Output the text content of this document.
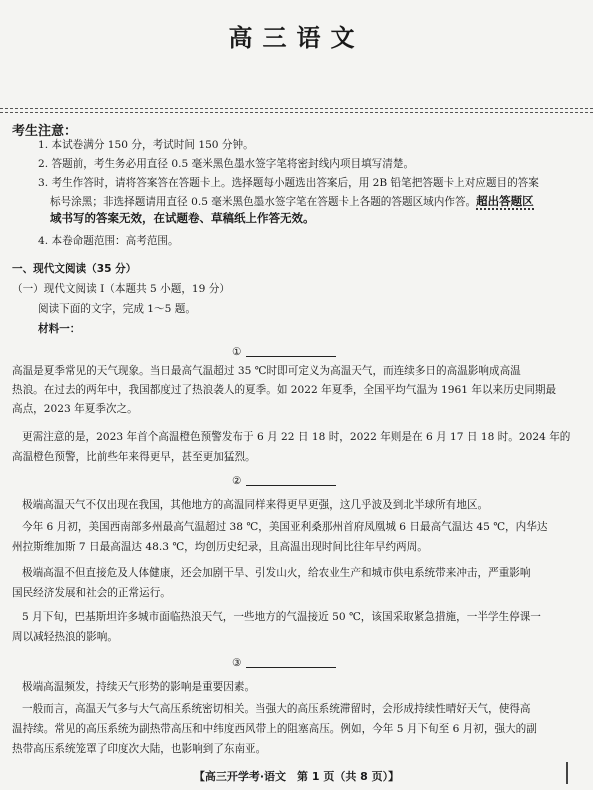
高三语文
考生注意：
1. 本试卷满分 150 分，考试时间 150 分钟。
2. 答题前，考生务必用直径 0.5 毫米黑色墨水签字笔将密封线内项目填写清楚。
3. 考生作答时，请将答案答在答题卡上。选择题每小题选出答案后，用 2B 铅笔把答题卡上对应题目的答案
标号涂黑；非选择题请用直径 0.5 毫米黑色墨水签字笔在答题卡上各题的答题区域内作答。超出答题区
域书写的答案无效，在试题卷、草稿纸上作答无效。
4. 本卷命题范围：高考范围。
一、现代文阅读（35 分）
（一）现代文阅读 Ⅰ（本题共 5 小题，19 分）
阅读下面的文字，完成 1～5 题。
材料一：
①
高温是夏季常见的天气现象。当日最高气温超过 35 ℃时即可定义为高温天气，而连续多日的高温影响成高温
热浪。在过去的两年中，我国都度过了热浪袭人的夏季。如 2022 年夏季，全国平均气温为 1961 年以来历史同期最
高点，2023 年夏季次之。
更需注意的是，2023 年首个高温橙色预警发布于 6 月 22 日 18 时，2022 年则是在 6 月 17 日 18 时。2024 年的
高温橙色预警，比前些年来得更早，甚至更加猛烈。
②
极端高温天气不仅出现在我国，其他地方的高温同样来得更早更强，这几乎波及到北半球所有地区。
今年 6 月初，美国西南部多州最高气温超过 38 ℃，美国亚利桑那州首府凤凰城 6 日最高气温达 45 ℃，内华达
州拉斯维加斯 7 日最高温达 48.3 ℃，均创历史纪录，且高温出现时间比往年早约两周。
极端高温不但直接危及人体健康，还会加剧干旱、引发山火，给农业生产和城市供电系统带来冲击，严重影响
国民经济发展和社会的正常运行。
5 月下旬，巴基斯坦许多城市面临热浪天气，一些地方的气温接近 50 ℃，该国采取紧急措施，一半学生停课一
周以减轻热浪的影响。
③
极端高温频发，持续天气形势的影响是重要因素。
一般而言，高温天气多与大气高压系统密切相关。当强大的高压系统滞留时，会形成持续性晴好天气，使得高
温持续。常见的高压系统为副热带高压和中纬度西风带上的阻塞高压。例如，今年 5 月下旬至 6 月初，强大的副
热带高压系统笼罩了印度次大陆，也影响到了东南亚。
【高三开学考·语文　第 1 页（共 8 页）】
